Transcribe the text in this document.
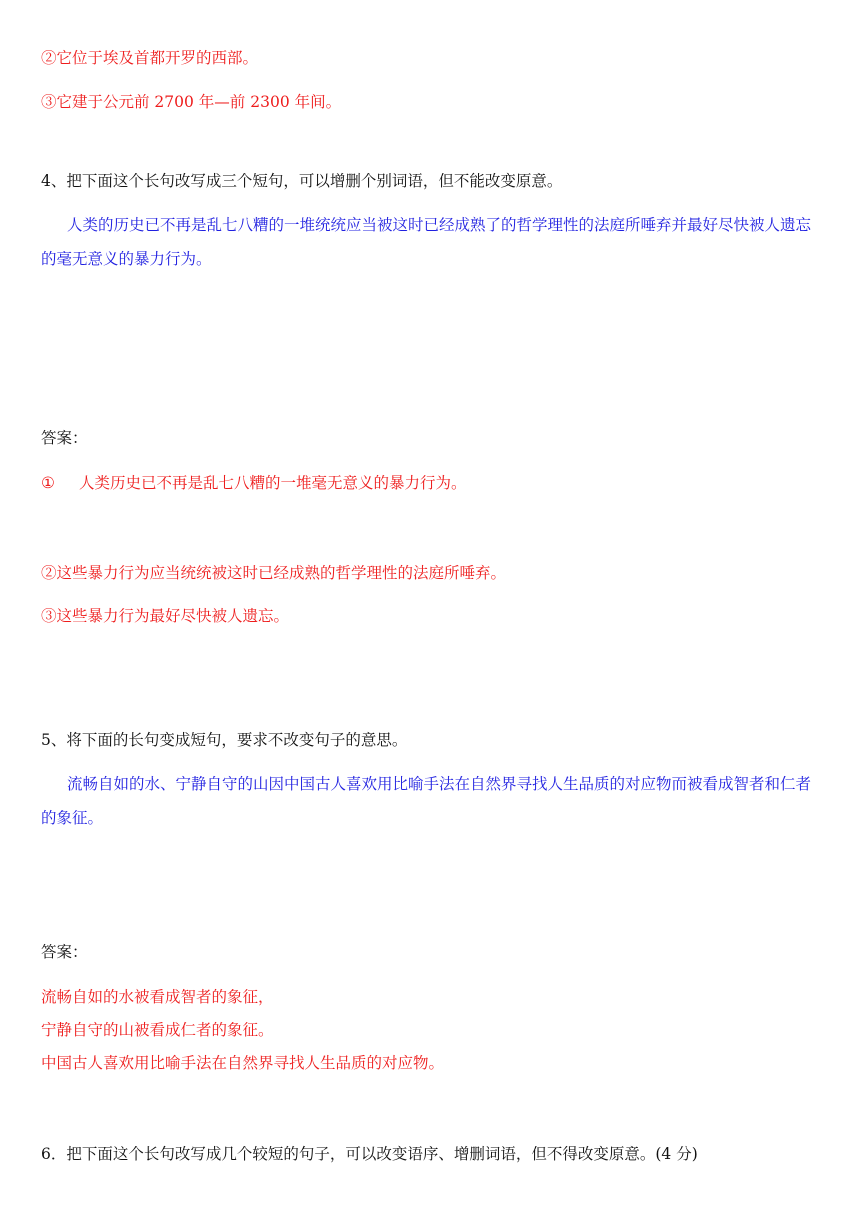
②它位于埃及首都开罗的西部。
③它建于公元前 2700 年—前 2300 年间。
4、把下面这个长句改写成三个短句，可以增删个别词语，但不能改变原意。
人类的历史已不再是乱七八糟的一堆统统应当被这时已经成熟了的哲学理性的法庭所唾弃并最好尽快被人遗忘的毫无意义的暴力行为。
答案：
① 人类历史已不再是乱七八糟的一堆毫无意义的暴力行为。
②这些暴力行为应当统统被这时已经成熟的哲学理性的法庭所唾弃。
③这些暴力行为最好尽快被人遗忘。
5、将下面的长句变成短句，要求不改变句子的意思。
流畅自如的水、宁静自守的山因中国古人喜欢用比喻手法在自然界寻找人生品质的对应物而被看成智者和仁者的象征。
答案：
流畅自如的水被看成智者的象征，
宁静自守的山被看成仁者的象征。
中国古人喜欢用比喻手法在自然界寻找人生品质的对应物。
6．把下面这个长句改写成几个较短的句子，可以改变语序、增删词语，但不得改变原意。(4 分)
